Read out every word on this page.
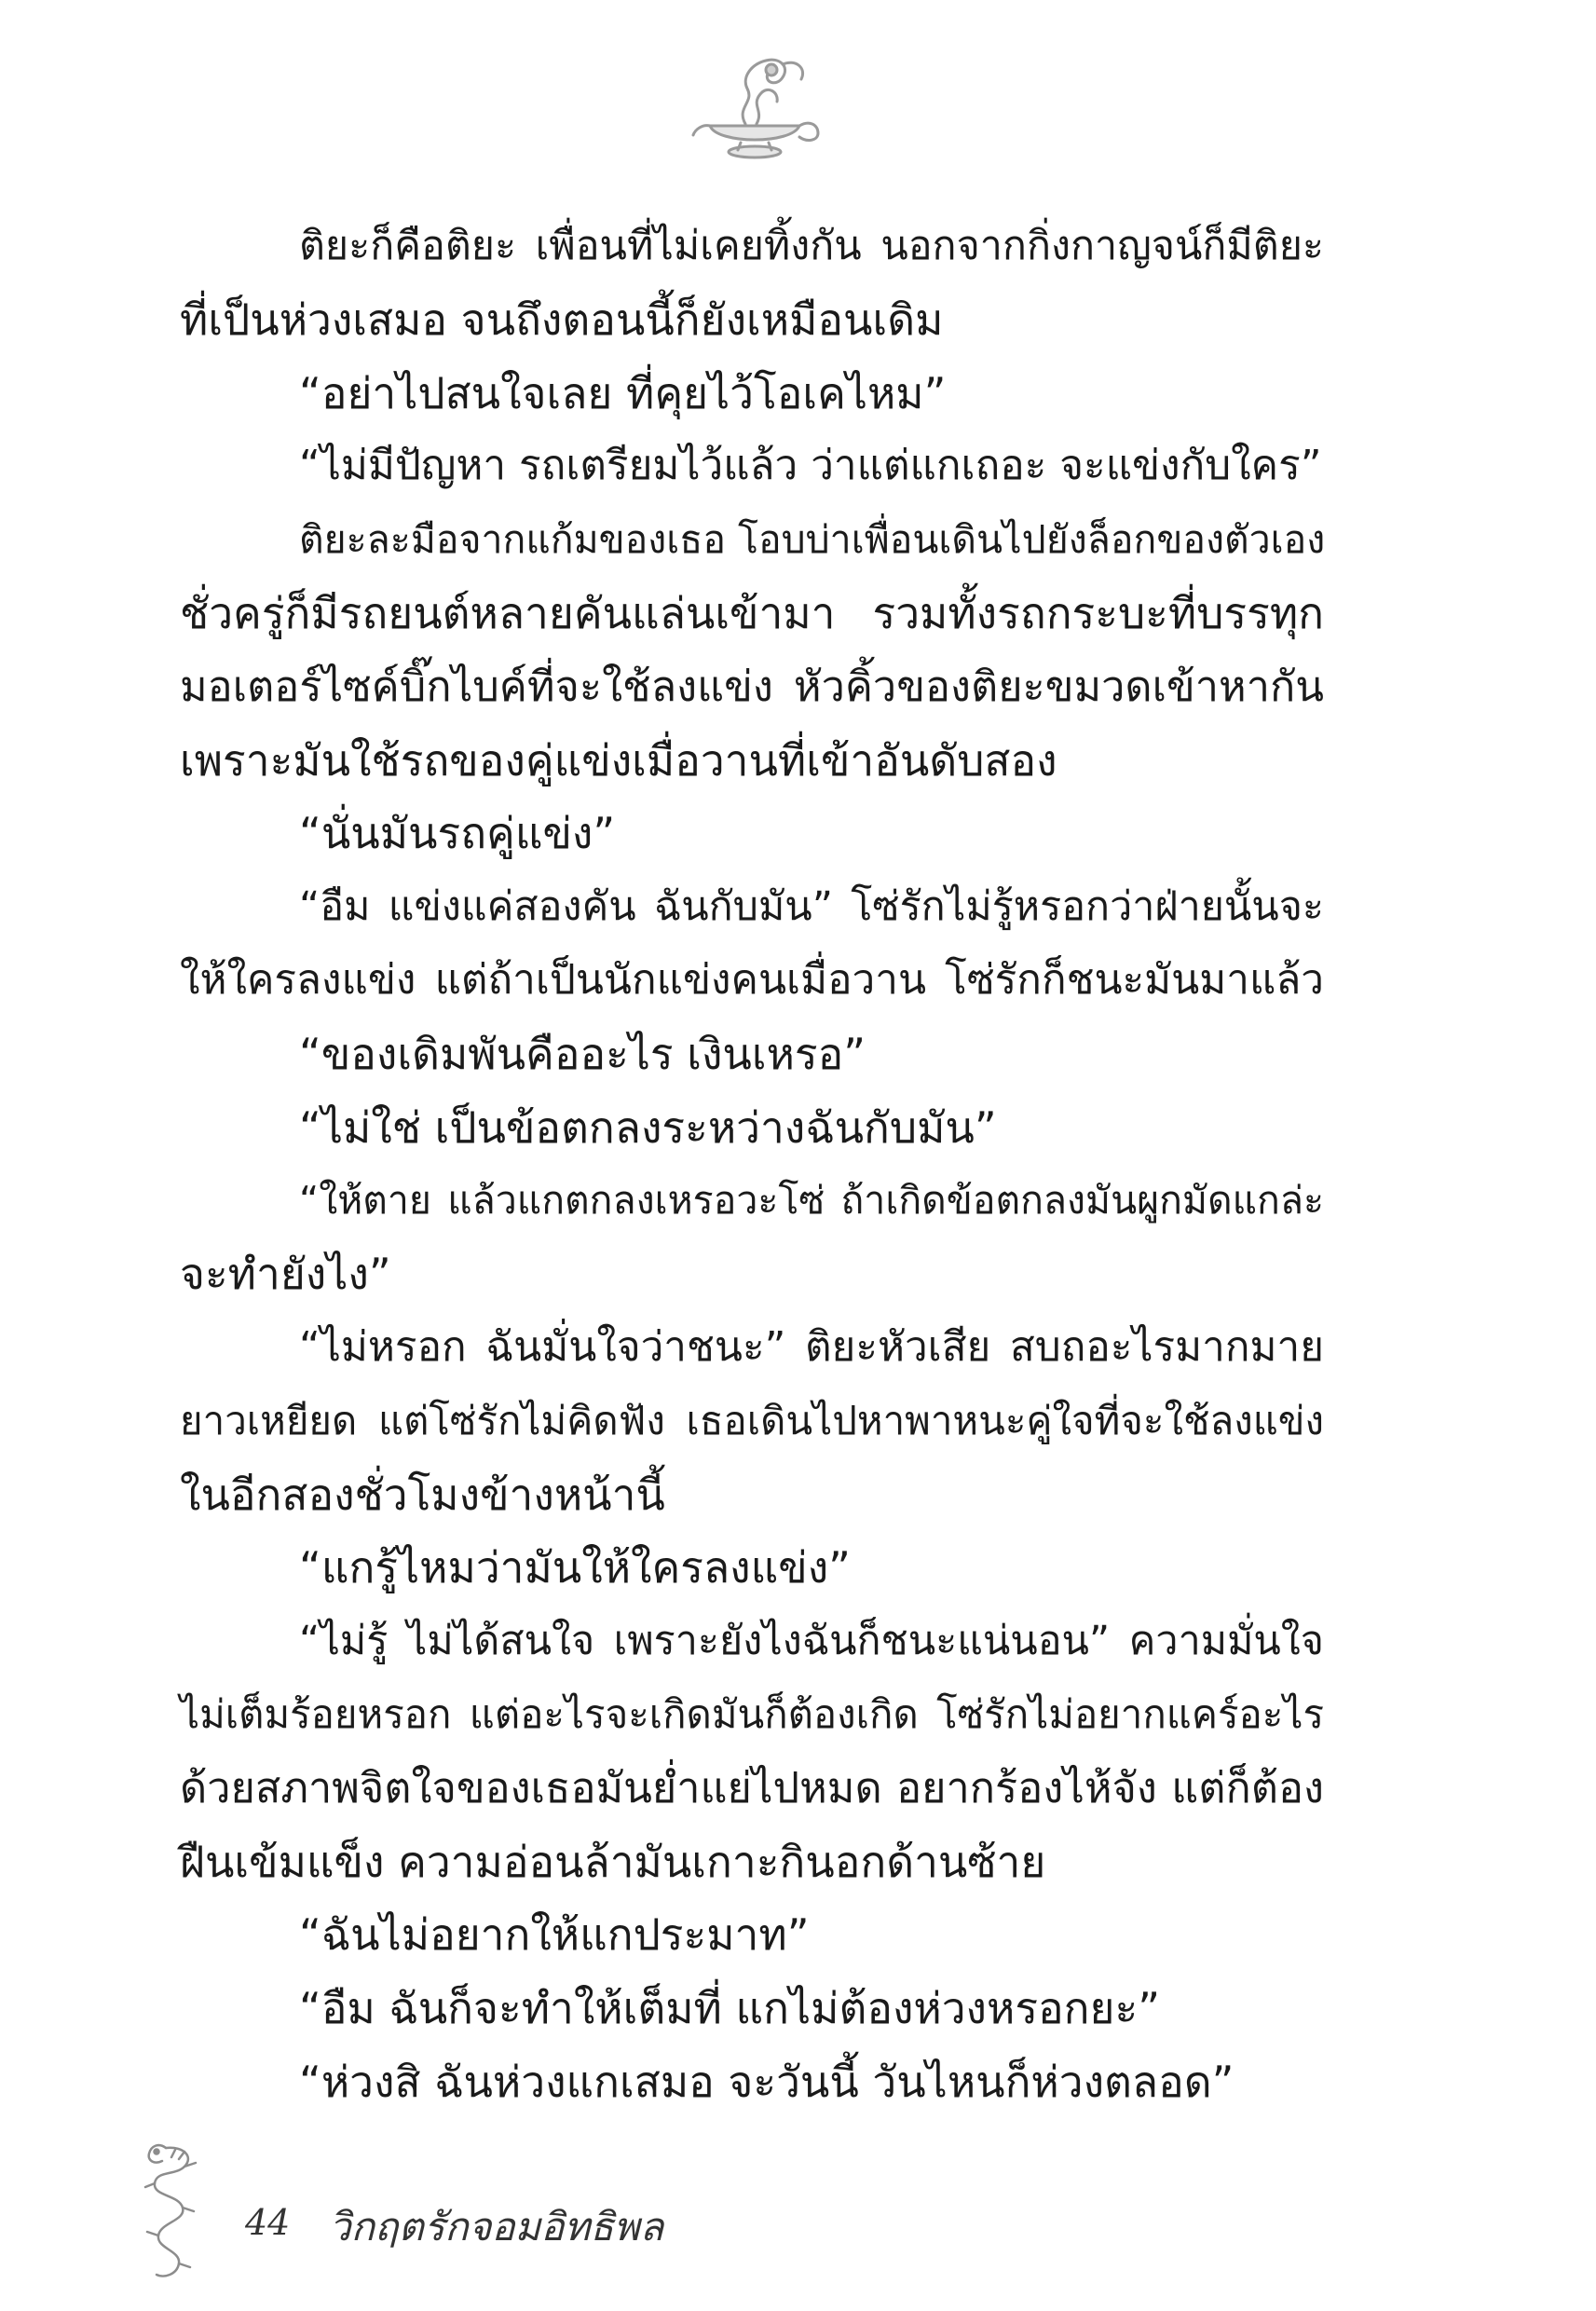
ติยะก็คือติยะ เพื่อนที่ไม่เคยทิ้งกัน นอกจากกิ่งกาญจน์ก็มีติยะ
ที่เป็นห่วงเสมอ จนถึงตอนนี้ก็ยังเหมือนเดิม
“อย่าไปสนใจเลย ที่คุยไว้โอเคไหม”
“ไม่มีปัญหา รถเตรียมไว้แล้ว ว่าแต่แกเถอะ จะแข่งกับใคร”
ติยะละมือจากแก้มของเธอ โอบบ่าเพื่อนเดินไปยังล็อกของตัวเอง
ชั่วครู่ก็มีรถยนต์หลายคันแล่นเข้ามา รวมทั้งรถกระบะที่บรรทุก
มอเตอร์ไซค์บิ๊กไบค์ที่จะใช้ลงแข่ง หัวคิ้วของติยะขมวดเข้าหากัน
เพราะมันใช้รถของคู่แข่งเมื่อวานที่เข้าอันดับสอง
“นั่นมันรถคู่แข่ง”
“อืม แข่งแค่สองคัน ฉันกับมัน” โซ่รักไม่รู้หรอกว่าฝ่ายนั้นจะ
ให้ใครลงแข่ง แต่ถ้าเป็นนักแข่งคนเมื่อวาน โซ่รักก็ชนะมันมาแล้ว
“ของเดิมพันคืออะไร เงินเหรอ”
“ไม่ใช่ เป็นข้อตกลงระหว่างฉันกับมัน”
“ให้ตาย แล้วแกตกลงเหรอวะโซ่ ถ้าเกิดข้อตกลงมันผูกมัดแกล่ะ
จะทำยังไง”
“ไม่หรอก ฉันมั่นใจว่าชนะ” ติยะหัวเสีย สบถอะไรมากมาย
ยาวเหยียด แต่โซ่รักไม่คิดฟัง เธอเดินไปหาพาหนะคู่ใจที่จะใช้ลงแข่ง
ในอีกสองชั่วโมงข้างหน้านี้
“แกรู้ไหมว่ามันให้ใครลงแข่ง”
“ไม่รู้ ไม่ได้สนใจ เพราะยังไงฉันก็ชนะแน่นอน” ความมั่นใจ
ไม่เต็มร้อยหรอก แต่อะไรจะเกิดมันก็ต้องเกิด โซ่รักไม่อยากแคร์อะไร
ด้วยสภาพจิตใจของเธอมันย่ำแย่ไปหมด อยากร้องไห้จัง แต่ก็ต้อง
ฝืนเข้มแข็ง ความอ่อนล้ามันเกาะกินอกด้านซ้าย
“ฉันไม่อยากให้แกประมาท”
“อืม ฉันก็จะทำให้เต็มที่ แกไม่ต้องห่วงหรอกยะ”
“ห่วงสิ ฉันห่วงแกเสมอ จะวันนี้ วันไหนก็ห่วงตลอด”
44 วิกฤตรักจอมอิทธิพล
